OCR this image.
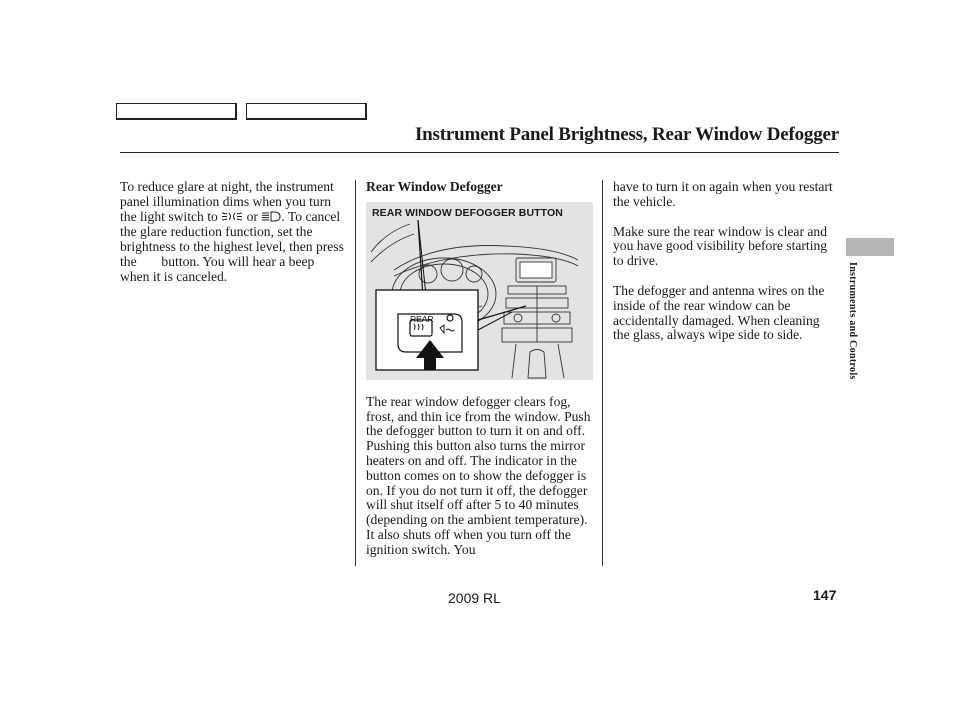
Instrument Panel Brightness, Rear Window Defogger

To reduce glare at night, the instrument panel illumination dims when you turn the light switch to or . To cancel the glare reduction function, set the brightness to the highest level, then press the button. You will hear a beep when it is canceled.

Rear Window Defogger

The rear window defogger clears fog, frost, and thin ice from the window. Push the defogger button to turn it on and off. Pushing this button also turns the mirror heaters on and off. The indicator in the button comes on to show the defogger is on. If you do not turn it off, the defogger will shut itself off after 5 to 40 minutes (depending on the ambient temperature). It also shuts off when you turn off the ignition switch. You

REAR WINDOW DEFOGGER BUTTON
REAR

have to turn it on again when you restart the vehicle.

Make sure the rear window is clear and you have good visibility before starting to drive.

The defogger and antenna wires on the inside of the rear window can be accidentally damaged. When cleaning the glass, always wipe side to side.	Instruments and Controls
2009 RL	147
